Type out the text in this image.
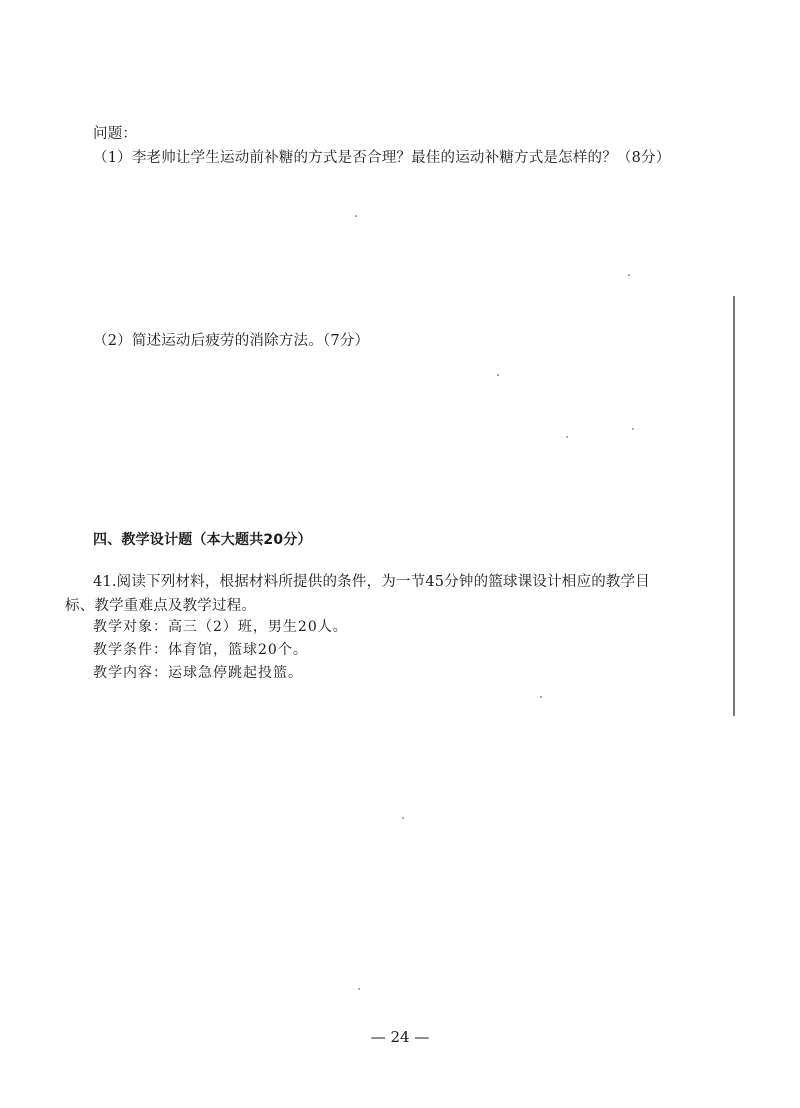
问题：
（1）李老帅让学生运动前补糖的方式是否合理？最佳的运动补糖方式是怎样的？（8分）
（2）简述运动后疲劳的消除方法。（7分）
四、教学设计题（本大题共20分）
41.阅读下列材料，根据材料所提供的条件，为一节45分钟的篮球课设计相应的教学目
标、教学重难点及教学过程。
教学对象：高三（2）班，男生20人。
教学条件：体育馆，篮球20个。
教学内容：运球急停跳起投篮。
— 24 —
